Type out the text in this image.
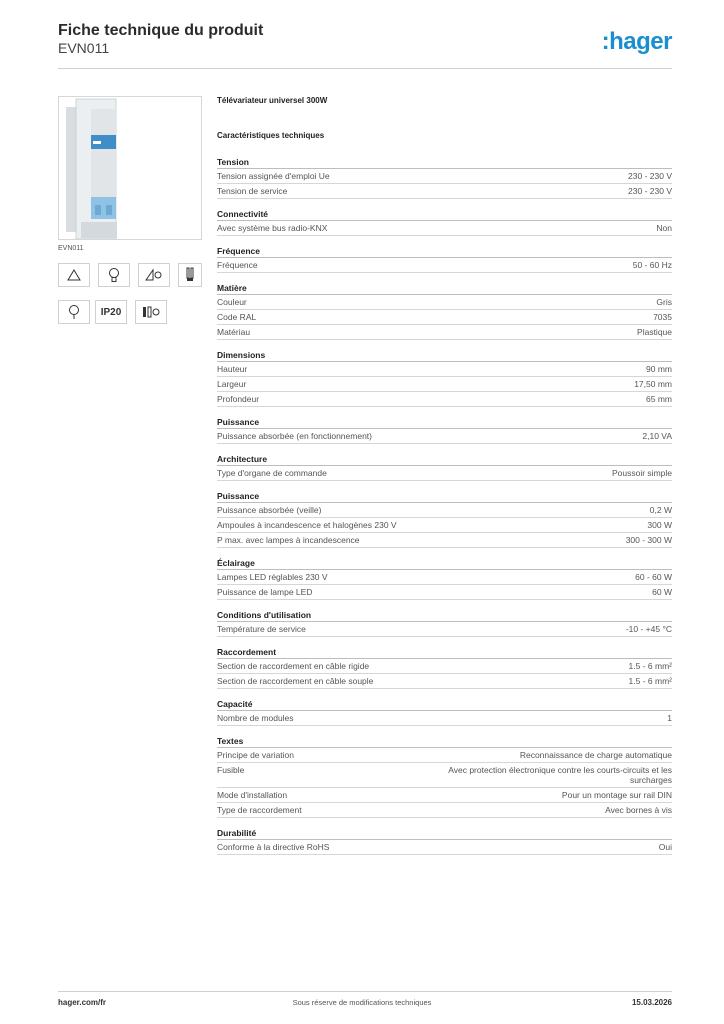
Fiche technique du produit
EVN011	:hager
EVN011
IP20
Télévariateur universel 300W
Caractéristiques techniques
Tension
Tension assignée d'emploi Ue	230 - 230 V
Tension de service	230 - 230 V
Connectivité
Avec système bus radio-KNX	Non
Fréquence
Fréquence	50 - 60 Hz
Matière
Couleur	Gris
Code RAL	7035
Matériau	Plastique
Dimensions
Hauteur	90 mm
Largeur	17,50 mm
Profondeur	65 mm
Puissance
Puissance absorbée (en fonctionnement)	2,10 VA
Architecture
Type d'organe de commande	Poussoir simple
Puissance
Puissance absorbée (veille)	0,2 W
Ampoules à incandescence et halogènes 230 V	300 W
P max. avec lampes à incandescence	300 - 300 W
Éclairage
Lampes LED réglables 230 V	60 - 60 W
Puissance de lampe LED	60 W
Conditions d'utilisation
Température de service	-10 - +45 °C
Raccordement
Section de raccordement en câble rigide	1.5 - 6 mm²
Section de raccordement en câble souple	1.5 - 6 mm²
Capacité
Nombre de modules	1
Textes
Principe de variation	Reconnaissance de charge automatique
Fusible	Avec protection électronique contre les courts-circuits et les surcharges
Mode d'installation	Pour un montage sur rail DIN
Type de raccordement	Avec bornes à vis
Durabilité
Conforme à la directive RoHS	Oui
hager.com/fr	Sous réserve de modifications techniques	15.03.2026
